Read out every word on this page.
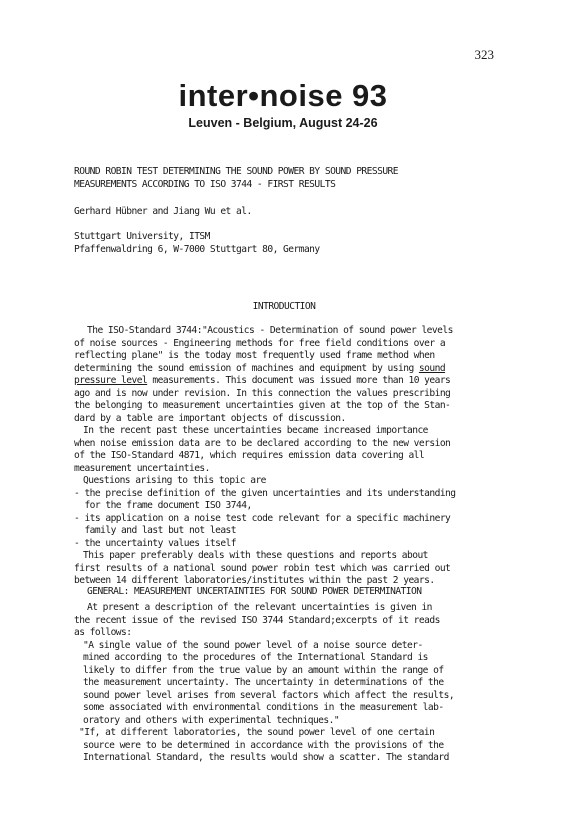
323
inter•noise 93
Leuven - Belgium, August 24-26
ROUND ROBIN TEST DETERMINING THE SOUND POWER BY SOUND PRESSURE
MEASUREMENTS ACCORDING TO ISO 3744 - FIRST RESULTS
Gerhard Hübner and Jiang Wu et al.
Stuttgart University, ITSM
Pfaffenwaldring 6, W-7000 Stuttgart 80, Germany
INTRODUCTION
The ISO-Standard 3744:"Acoustics - Determination of sound power levels
of noise sources - Engineering methods for free field conditions over a
reflecting plane" is the today most frequently used frame method when
determining the sound emission of machines and equipment by using sound
pressure level measurements. This document was issued more than 10 years
ago and is now under revision. In this connection the values prescribing
the belonging to measurement uncertainties given at the top of the Stan-
dard by a table are important objects of discussion.
In the recent past these uncertainties became increased importance
when noise emission data are to be declared according to the new version
of the ISO-Standard 4871, which requires emission data covering all
measurement uncertainties.
Questions arising to this topic are
- the precise definition of the given uncertainties and its understanding
for the frame document ISO 3744,
- its application on a noise test code relevant for a specific machinery
family and last but not least
- the uncertainty values itself
This paper preferably deals with these questions and reports about
first results of a national sound power robin test which was carried out
between 14 different laboratories/institutes within the past 2 years.
GENERAL: MEASUREMENT UNCERTAINTIES FOR SOUND POWER DETERMINATION
At present a description of the relevant uncertainties is given in
the recent issue of the revised ISO 3744 Standard;excerpts of it reads
as follows:
"A single value of the sound power level of a noise source deter-
mined according to the procedures of the International Standard is
likely to differ from the true value by an amount within the range of
the measurement uncertainty. The uncertainty in determinations of the
sound power level arises from several factors which affect the results,
some associated with environmental conditions in the measurement lab-
oratory and others with experimental techniques."
"If, at different laboratories, the sound power level of one certain
source were to be determined in accordance with the provisions of the
International Standard, the results would show a scatter. The standard
